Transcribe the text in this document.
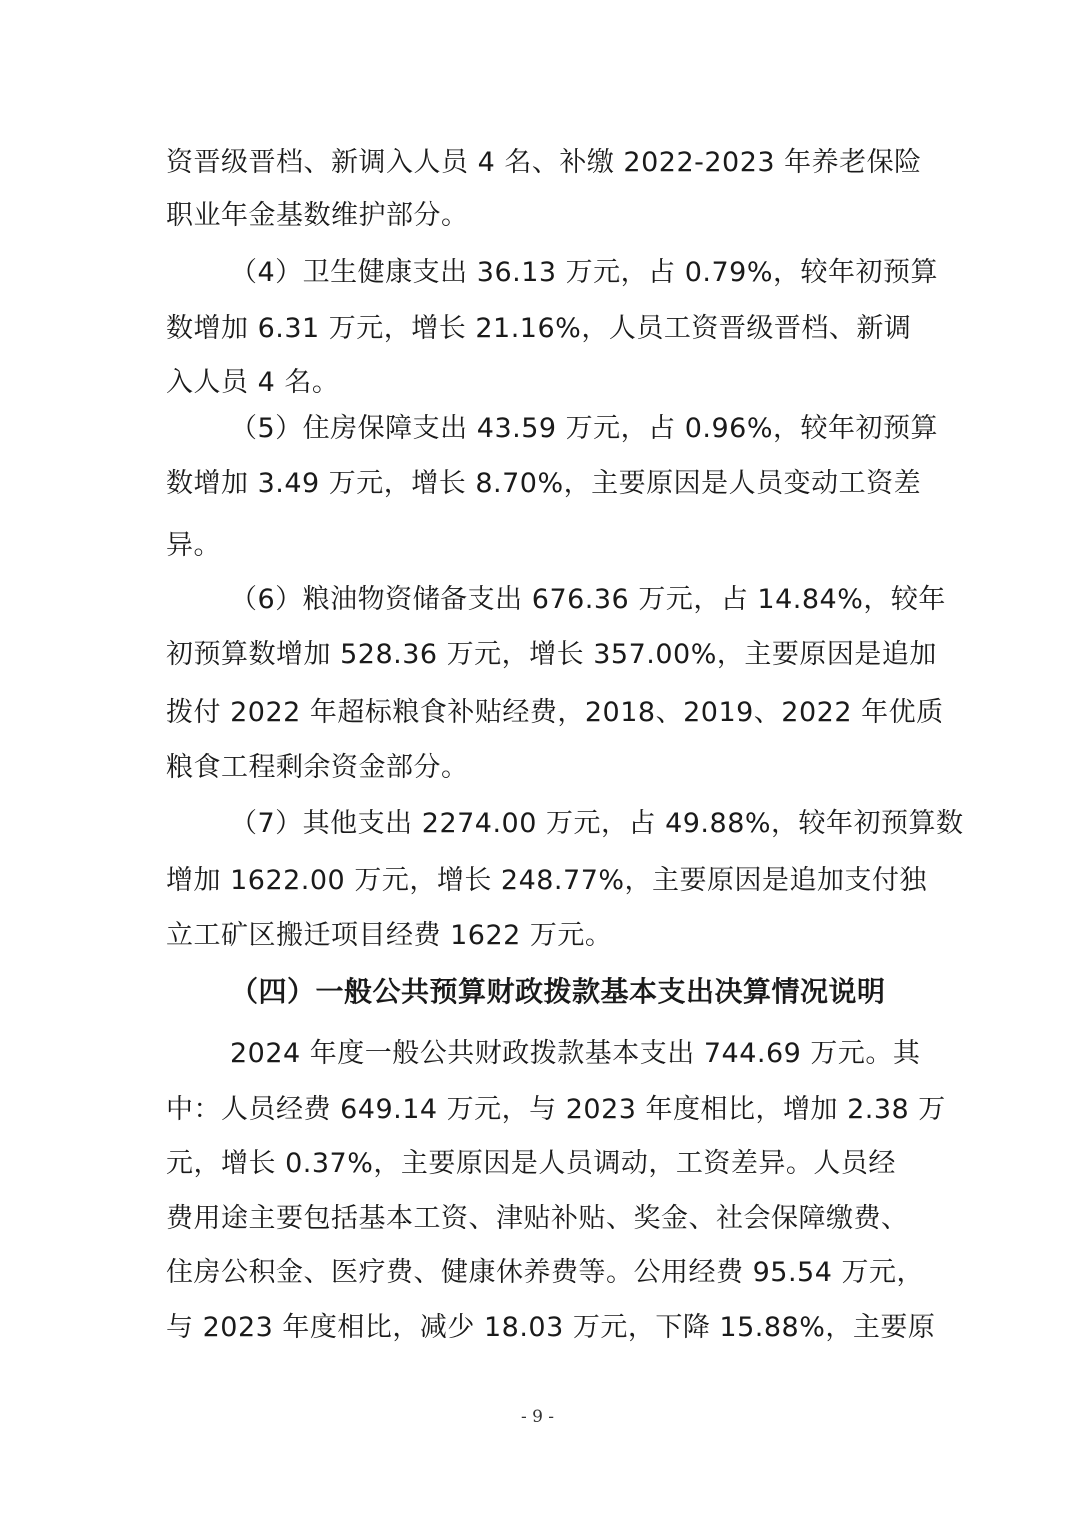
资晋级晋档、新调入人员 4 名、补缴 2022-2023 年养老保险
职业年金基数维护部分。
（4）卫生健康支出 36.13 万元，占 0.79%，较年初预算
数增加 6.31 万元，增长 21.16%，人员工资晋级晋档、新调
入人员 4 名。
（5）住房保障支出 43.59 万元，占 0.96%，较年初预算
数增加 3.49 万元，增长 8.70%，主要原因是人员变动工资差
异。
（6）粮油物资储备支出 676.36 万元，占 14.84%，较年
初预算数增加 528.36 万元，增长 357.00%，主要原因是追加
拨付 2022 年超标粮食补贴经费，2018、2019、2022 年优质
粮食工程剩余资金部分。
（7）其他支出 2274.00 万元，占 49.88%，较年初预算数
增加 1622.00 万元，增长 248.77%，主要原因是追加支付独
立工矿区搬迁项目经费 1622 万元。
（四）一般公共预算财政拨款基本支出决算情况说明
2024 年度一般公共财政拨款基本支出 744.69 万元。其
中：人员经费 649.14 万元，与 2023 年度相比，增加 2.38 万
元，增长 0.37%，主要原因是人员调动，工资差异。人员经
费用途主要包括基本工资、津贴补贴、奖金、社会保障缴费、
住房公积金、医疗费、健康休养费等。公用经费 95.54 万元，
与 2023 年度相比，减少 18.03 万元，下降 15.88%，主要原
- 9 -
